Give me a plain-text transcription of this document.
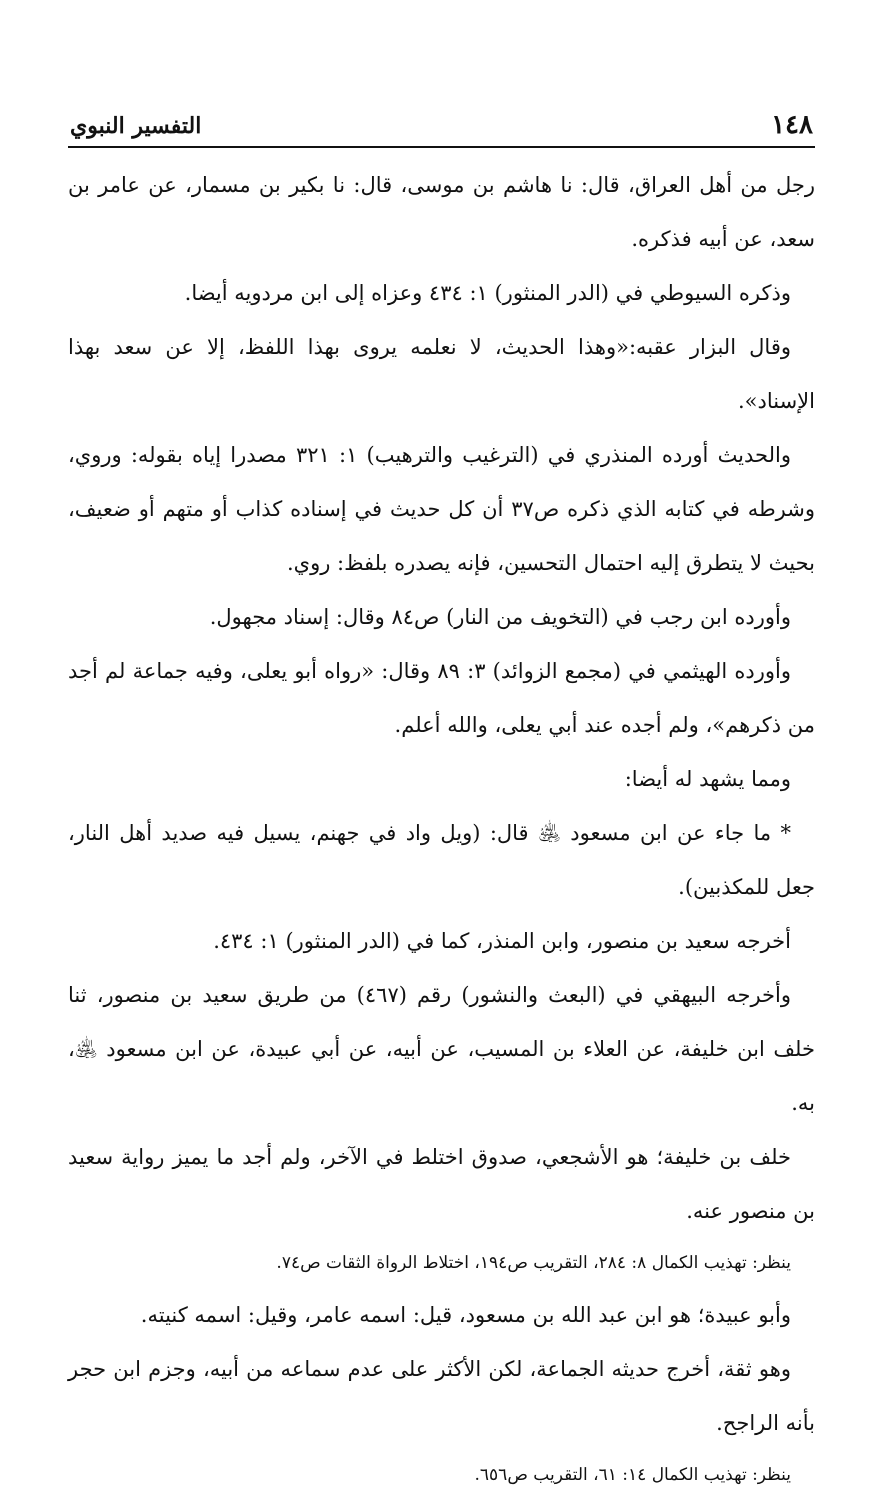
١٤٨
التفسير النبوي

رجل من أهل العراق، قال: نا هاشم بن موسى، قال: نا بكير بن مسمار، عن عامر بن سعد، عن أبيه فذكره.

وذكره السيوطي في (الدر المنثور) ١: ٤٣٤ وعزاه إلى ابن مردويه أيضا.

وقال البزار عقبه:«وهذا الحديث، لا نعلمه يروى بهذا اللفظ، إلا عن سعد بهذا الإسناد».

والحديث أورده المنذري في (الترغيب والترهيب) ١: ٣٢١ مصدرا إياه بقوله: وروي، وشرطه في كتابه الذي ذكره ص٣٧ أن كل حديث في إسناده كذاب أو متهم أو ضعيف، بحيث لا يتطرق إليه احتمال التحسين، فإنه يصدره بلفظ: روي.

وأورده ابن رجب في (التخويف من النار) ص٨٤ وقال: إسناد مجهول.

وأورده الهيثمي في (مجمع الزوائد) ٣: ٨٩ وقال: «رواه أبو يعلى، وفيه جماعة لم أجد من ذكرهم»، ولم أجده عند أبي يعلى، والله أعلم.

ومما يشهد له أيضا:

* ما جاء عن ابن مسعود ﵁ قال: (ويل واد في جهنم، يسيل فيه صديد أهل النار، جعل للمكذبين).

أخرجه سعيد بن منصور، وابن المنذر، كما في (الدر المنثور) ١: ٤٣٤.

وأخرجه البيهقي في (البعث والنشور) رقم (٤٦٧) من طريق سعيد بن منصور، ثنا خلف ابن خليفة، عن العلاء بن المسيب، عن أبيه، عن أبي عبيدة، عن ابن مسعود ﵁، به.

خلف بن خليفة؛ هو الأشجعي، صدوق اختلط في الآخر، ولم أجد ما يميز رواية سعيد بن منصور عنه.

ينظر: تهذيب الكمال ٨: ٢٨٤، التقريب ص١٩٤، اختلاط الرواة الثقات ص٧٤.

وأبو عبيدة؛ هو ابن عبد الله بن مسعود، قيل: اسمه عامر، وقيل: اسمه كنيته.

وهو ثقة، أخرج حديثه الجماعة، لكن الأكثر على عدم سماعه من أبيه، وجزم ابن حجر بأنه الراجح.

ينظر: تهذيب الكمال ١٤: ٦١، التقريب ص٦٥٦.
